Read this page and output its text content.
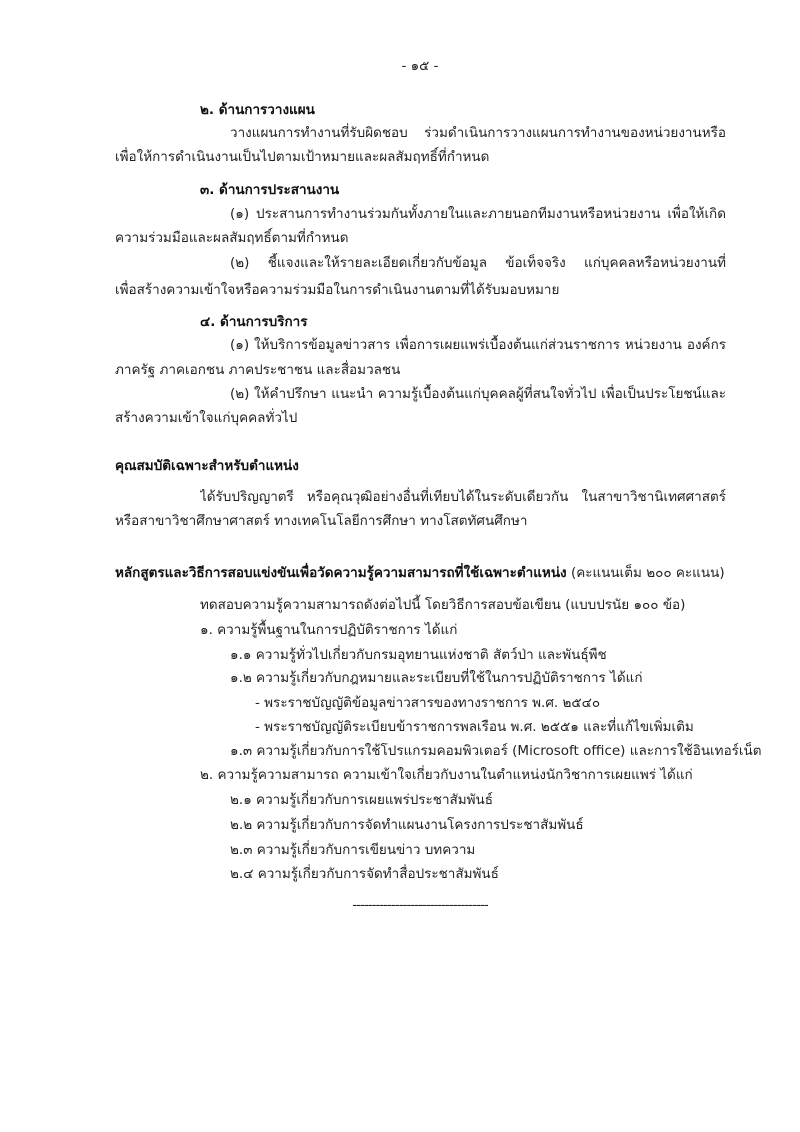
- ๑๕ -
๒. ด้านการวางแผน
วางแผนการทำงานที่รับผิดชอบ ร่วมดำเนินการวางแผนการทำงานของหน่วยงานหรือ
เพื่อให้การดำเนินงานเป็นไปตามเป้าหมายและผลสัมฤทธิ์ที่กำหนด
๓. ด้านการประสานงาน
(๑) ประสานการทำงานร่วมกันทั้งภายในและภายนอกทีมงานหรือหน่วยงาน เพื่อให้เกิด
ความร่วมมือและผลสัมฤทธิ์ตามที่กำหนด
(๒) ชี้แจงและให้รายละเอียดเกี่ยวกับข้อมูล ข้อเท็จจริง แก่บุคคลหรือหน่วยงานที่
เพื่อสร้างความเข้าใจหรือความร่วมมือในการดำเนินงานตามที่ได้รับมอบหมาย
๔. ด้านการบริการ
(๑) ให้บริการข้อมูลข่าวสาร เพื่อการเผยแพร่เบื้องต้นแก่ส่วนราชการ หน่วยงาน องค์กร
ภาครัฐ ภาคเอกชน ภาคประชาชน และสื่อมวลชน
(๒) ให้คำปรึกษา แนะนำ ความรู้เบื้องต้นแก่บุคคลผู้ที่สนใจทั่วไป เพื่อเป็นประโยชน์และ
สร้างความเข้าใจแก่บุคคลทั่วไป
คุณสมบัติเฉพาะสำหรับตำแหน่ง
ได้รับปริญญาตรี หรือคุณวุฒิอย่างอื่นที่เทียบได้ในระดับเดียวกัน ในสาขาวิชานิเทศศาสตร์
หรือสาขาวิชาศึกษาศาสตร์ ทางเทคโนโลยีการศึกษา ทางโสตทัศนศึกษา
หลักสูตรและวิธีการสอบแข่งขันเพื่อวัดความรู้ความสามารถที่ใช้เฉพาะตำแหน่ง (คะแนนเต็ม ๒๐๐ คะแนน)
ทดสอบความรู้ความสามารถดังต่อไปนี้ โดยวิธีการสอบข้อเขียน (แบบปรนัย ๑๐๐ ข้อ)
๑. ความรู้พื้นฐานในการปฏิบัติราชการ ได้แก่
๑.๑ ความรู้ทั่วไปเกี่ยวกับกรมอุทยานแห่งชาติ สัตว์ป่า และพันธุ์พืช
๑.๒ ความรู้เกี่ยวกับกฎหมายและระเบียบที่ใช้ในการปฏิบัติราชการ ได้แก่
- พระราชบัญญัติข้อมูลข่าวสารของทางราชการ พ.ศ. ๒๕๔๐
- พระราชบัญญัติระเบียบข้าราชการพลเรือน พ.ศ. ๒๕๕๑ และที่แก้ไขเพิ่มเติม
๑.๓ ความรู้เกี่ยวกับการใช้โปรแกรมคอมพิวเตอร์ (Microsoft office) และการใช้อินเทอร์เน็ต
๒. ความรู้ความสามารถ ความเข้าใจเกี่ยวกับงานในตำแหน่งนักวิชาการเผยแพร่ ได้แก่
๒.๑ ความรู้เกี่ยวกับการเผยแพร่ประชาสัมพันธ์
๒.๒ ความรู้เกี่ยวกับการจัดทำแผนงานโครงการประชาสัมพันธ์
๒.๓ ความรู้เกี่ยวกับการเขียนข่าว บทความ
๒.๔ ความรู้เกี่ยวกับการจัดทำสื่อประชาสัมพันธ์
-----------------------------------
